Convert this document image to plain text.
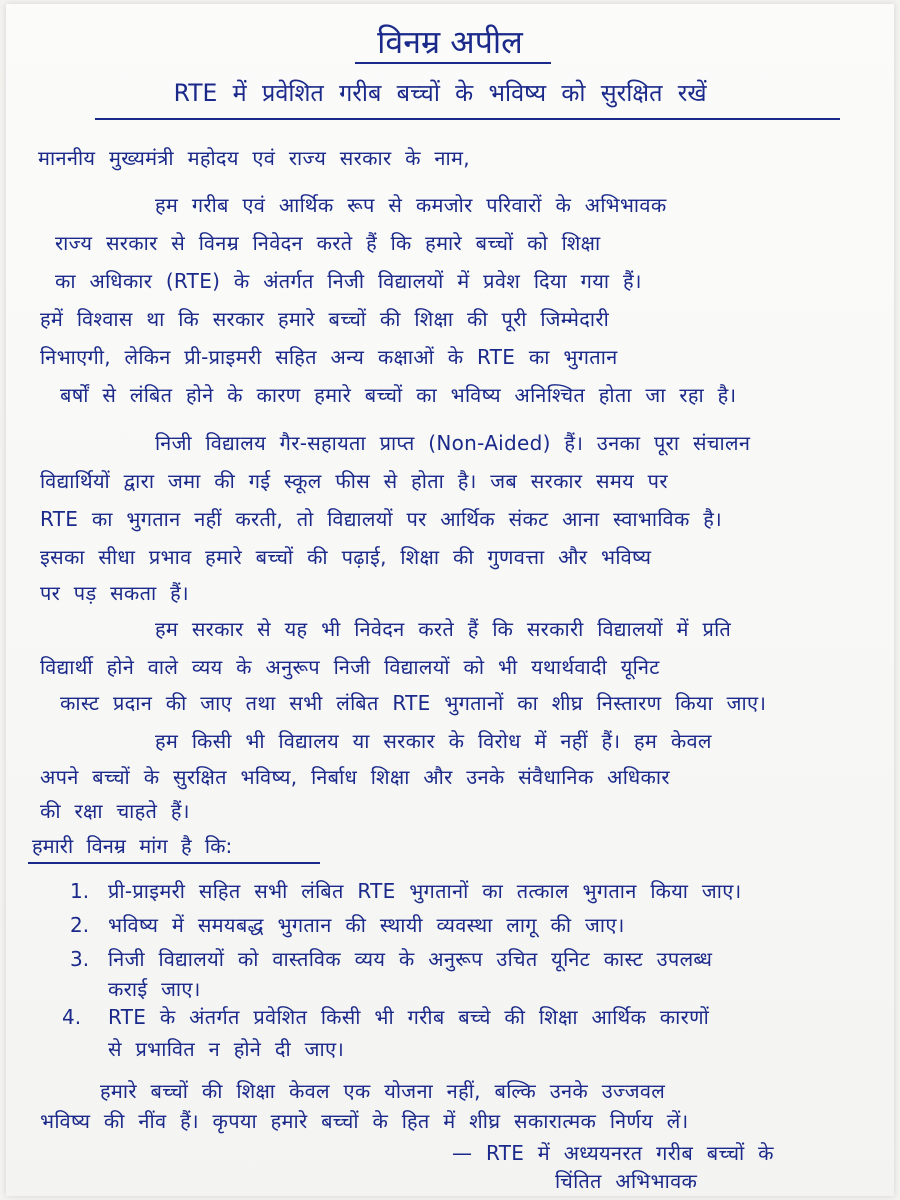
विनम्र अपील
RTE में प्रवेशित गरीब बच्चों के भविष्य को सुरक्षित रखें
माननीय मुख्यमंत्री महोदय एवं राज्य सरकार के नाम,
हम गरीब एवं आर्थिक रूप से कमजोर परिवारों के अभिभावक
राज्य सरकार से विनम्र निवेदन करते हैं कि हमारे बच्चों को शिक्षा
का अधिकार (RTE) के अंतर्गत निजी विद्यालयों में प्रवेश दिया गया हैं।
हमें विश्वास था कि सरकार हमारे बच्चों की शिक्षा की पूरी जिम्मेदारी
निभाएगी, लेकिन प्री-प्राइमरी सहित अन्य कक्षाओं के RTE का भुगतान
बर्षों से लंबित होने के कारण हमारे बच्चों का भविष्य अनिश्चित होता जा रहा है।
निजी विद्यालय गैर-सहायता प्राप्त (Non-Aided) हैं। उनका पूरा संचालन
विद्यार्थियों द्वारा जमा की गई स्कूल फीस से होता है। जब सरकार समय पर
RTE का भुगतान नहीं करती, तो विद्यालयों पर आर्थिक संकट आना स्वाभाविक है।
इसका सीधा प्रभाव हमारे बच्चों की पढ़ाई, शिक्षा की गुणवत्ता और भविष्य
पर पड़ सकता हैं।
हम सरकार से यह भी निवेदन करते हैं कि सरकारी विद्यालयों में प्रति
विद्यार्थी होने वाले व्यय के अनुरूप निजी विद्यालयों को भी यथार्थवादी यूनिट
कास्ट प्रदान की जाए तथा सभी लंबित RTE भुगतानों का शीघ्र निस्तारण किया जाए।
हम किसी भी विद्यालय या सरकार के विरोध में नहीं हैं। हम केवल
अपने बच्चों के सुरक्षित भविष्य, निर्बाध शिक्षा और उनके संवैधानिक अधिकार
की रक्षा चाहते हैं।
हमारी विनम्र मांग है कि:
1. प्री-प्राइमरी सहित सभी लंबित RTE भुगतानों का तत्काल भुगतान किया जाए।
2. भविष्य में समयबद्ध भुगतान की स्थायी व्यवस्था लागू की जाए।
3. निजी विद्यालयों को वास्तविक व्यय के अनुरूप उचित यूनिट कास्ट उपलब्ध
कराई जाए।
4. RTE के अंतर्गत प्रवेशित किसी भी गरीब बच्चे की शिक्षा आर्थिक कारणों
से प्रभावित न होने दी जाए।
हमारे बच्चों की शिक्षा केवल एक योजना नहीं, बल्कि उनके उज्जवल
भविष्य की नींव हैं। कृपया हमारे बच्चों के हित में शीघ्र सकारात्मक निर्णय लें।
— RTE में अध्ययनरत गरीब बच्चों के
चिंतित अभिभावक
